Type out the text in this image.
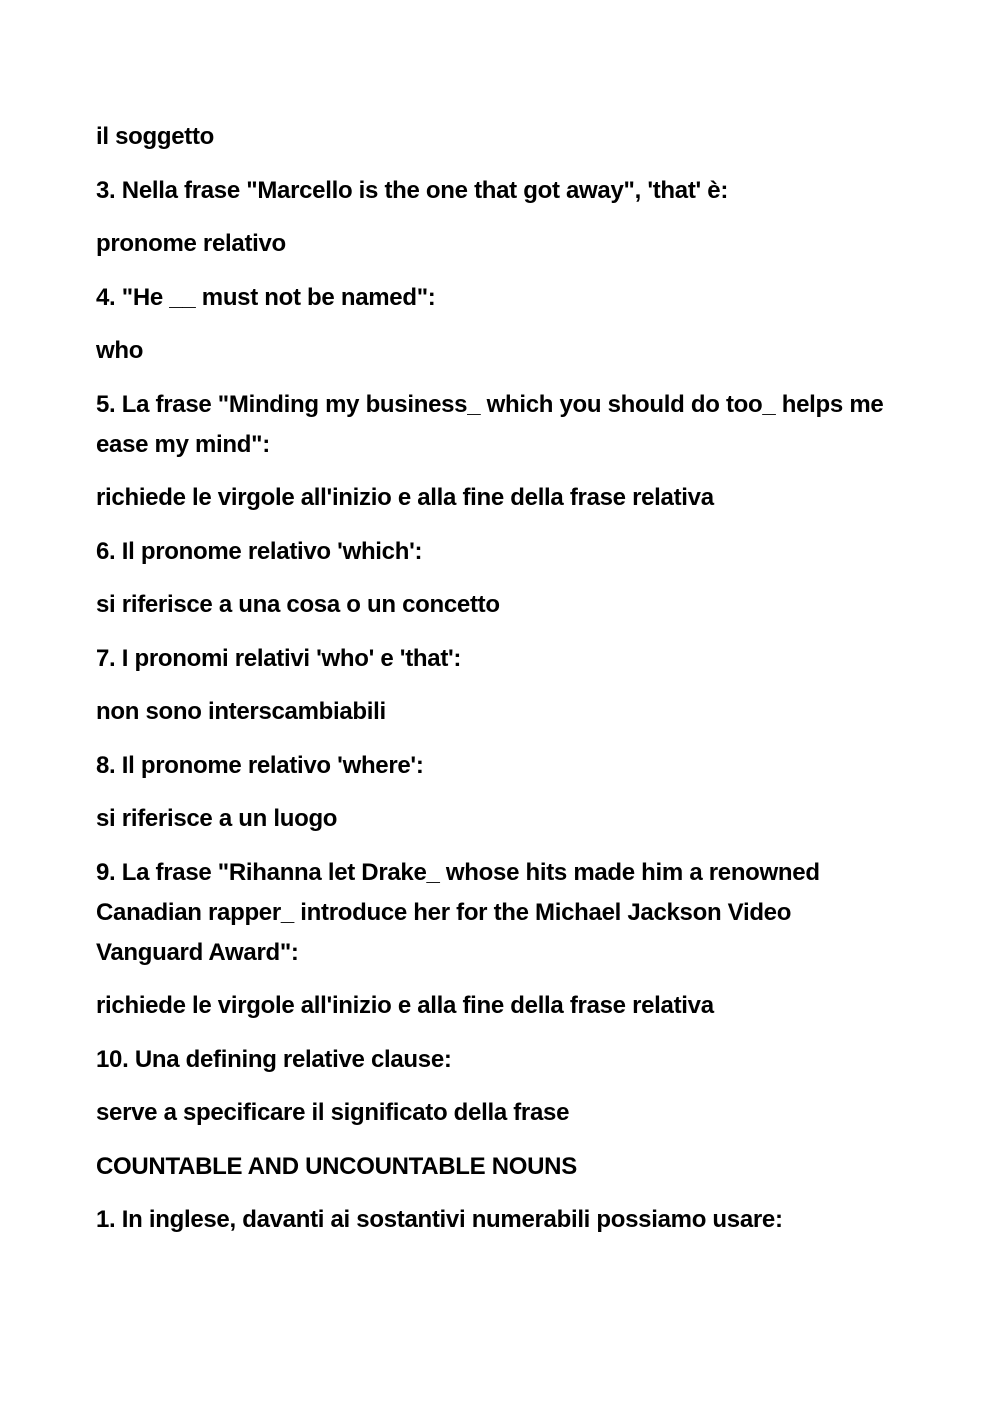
il soggetto

3. Nella frase "Marcello is the one that got away", 'that' è:

pronome relativo

4. "He __ must not be named":

who

5. La frase "Minding my business_ which you should do too_ helps me ease my mind":

richiede le virgole all'inizio e alla fine della frase relativa

6. Il pronome relativo 'which':

si riferisce a una cosa o un concetto

7. I pronomi relativi 'who' e 'that':

non sono interscambiabili

8. Il pronome relativo 'where':

si riferisce a un luogo

9. La frase "Rihanna let Drake_ whose hits made him a renowned Canadian rapper_ introduce her for the Michael Jackson Video Vanguard Award":

richiede le virgole all'inizio e alla fine della frase relativa

10. Una defining relative clause:

serve a specificare il significato della frase

COUNTABLE AND UNCOUNTABLE NOUNS

1. In inglese, davanti ai sostantivi numerabili possiamo usare:
